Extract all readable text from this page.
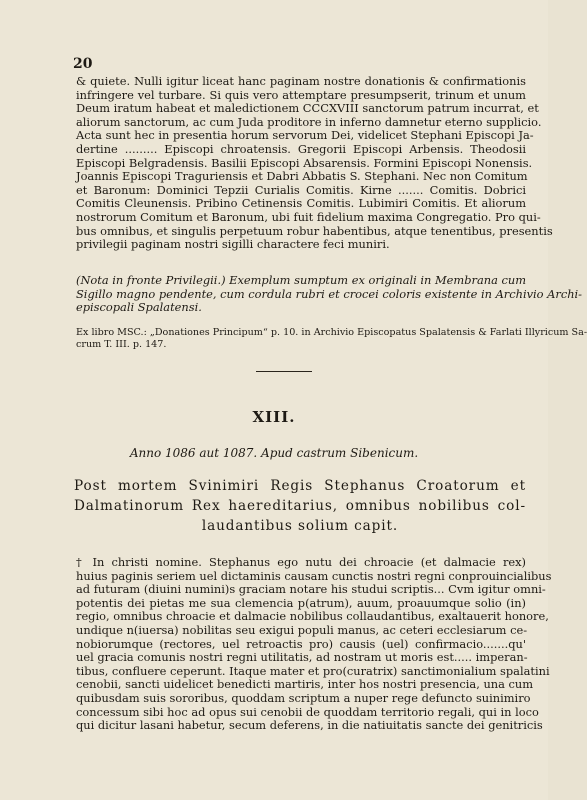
20
& quiete. Nulli igitur liceat hanc paginam nostre donationis & confirmationis
infringere vel turbare. Si quis vero attemptare presumpserit, trinum et unum
Deum iratum habeat et maledictionem CCCXVIII sanctorum patrum incurrat, et
aliorum sanctorum, ac cum Juda proditore in inferno damnetur eterno supplicio.
Acta sunt hec in presentia horum servorum Dei, videlicet Stephani Episcopi Ja-
dertine ......... Episcopi chroatensis. Gregorii Episcopi Arbensis. Theodosii
Episcopi Belgradensis. Basilii Episcopi Absarensis. Formini Episcopi Nonensis.
Joannis Episcopi Traguriensis et Dabri Abbatis S. Stephani. Nec non Comitum
et Baronum: Dominici Tepzii Curialis Comitis. Kirne ....... Comitis. Dobrici
Comitis Cleunensis. Pribino Cetinensis Comitis. Lubimiri Comitis. Et aliorum
nostrorum Comitum et Baronum, ubi fuit fidelium maxima Congregatio. Pro qui-
bus omnibus, et singulis perpetuum robur habentibus, atque tenentibus, presentis
privilegii paginam nostri sigilli charactere feci muniri.
(Nota in fronte Privilegii.) Exemplum sumptum ex originali in Membrana cum
Sigillo magno pendente, cum cordula rubri et crocei coloris existente in Archivio Archi-
episcopali Spalatensi.
Ex libro MSC.: „Donationes Principum“ p. 10. in Archivio Episcopatus Spalatensis & Farlati Illyricum Sa-
crum T. III. p. 147.
XIII.
Anno 1086 aut 1087. Apud castrum Sibenicum.
Post mortem Svinimiri Regis Stephanus Croatorum et
Dalmatinorum Rex haereditarius, omnibus nobilibus col-
laudantibus solium capit.
† In christi nomine. Stephanus ego nutu dei chroacie (et dalmacie rex)
huius paginis seriem uel dictaminis causam cunctis nostri regni conprouincialibus
ad futuram (diuini numini)s graciam notare his studui scriptis... Cvm igitur omni-
potentis dei pietas me sua clemencia p(atrum), auum, proauumque solio (in)
regio, omnibus chroacie et dalmacie nobilibus collaudantibus, exaltauerit honore,
undique n(iuersa) nobilitas seu exigui populi manus, ac ceteri ecclesiarum ce-
nobiorumque (rectores, uel retroactis pro) causis (uel) confirmacio.......qu'
uel gracia comunis nostri regni utilitatis, ad nostram ut moris est..... imperan-
tibus, confluere ceperunt. Itaque mater et pro(curatrix) sanctimonialium spalatini
cenobii, sancti uidelicet benedicti martiris, inter hos nostri presencia, una cum
quibusdam suis sororibus, quoddam scriptum a nuper rege defuncto suinimiro
concessum sibi hoc ad opus sui cenobii de quoddam territorio regali, qui in loco
qui dicitur lasani habetur, secum deferens, in die natiuitatis sancte dei genitricis
